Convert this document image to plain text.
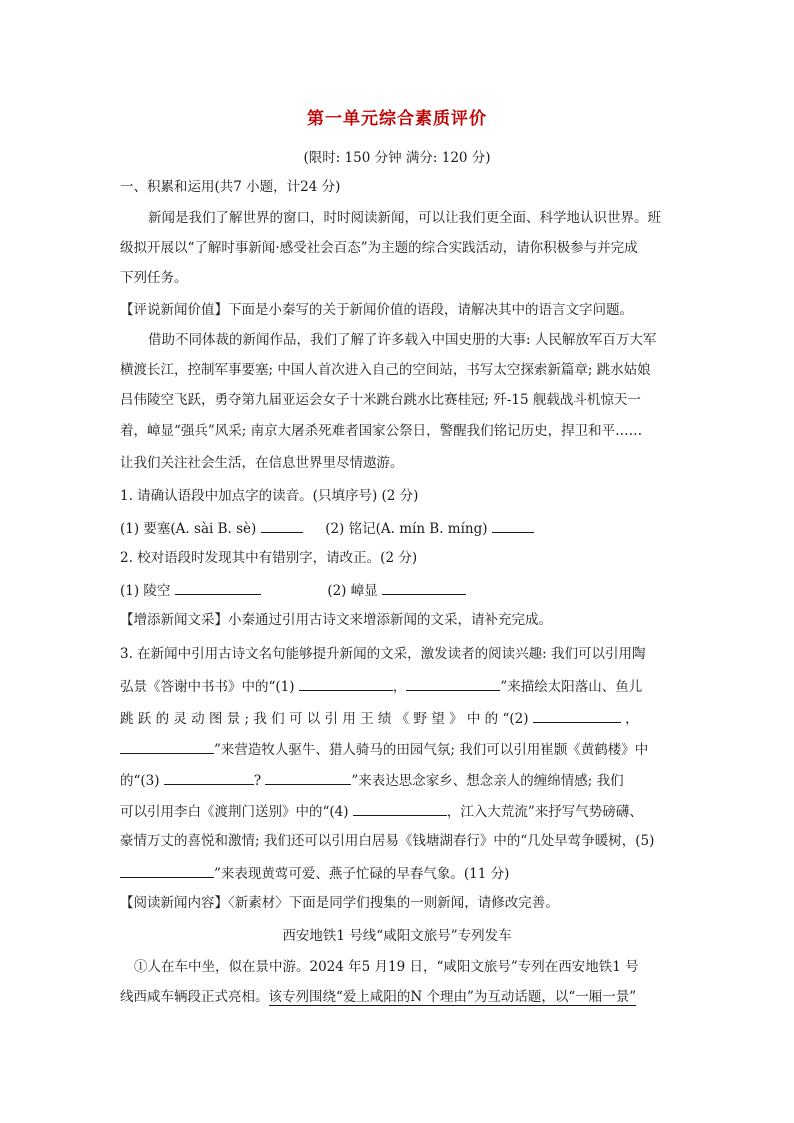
第一单元综合素质评价
(限时: 150 分钟 满分: 120 分)
一、积累和运用(共7 小题，计24 分)
新闻是我们了解世界的窗口，时时阅读新闻，可以让我们更全面、科学地认识世界。班
级拟开展以“了解时事新闻·感受社会百态”为主题的综合实践活动，请你积极参与并完成
下列任务。
【评说新闻价值】下面是小秦写的关于新闻价值的语段，请解决其中的语言文字问题。
借助不同体裁的新闻作品，我们了解了许多载入中国史册的大事: 人民解放军百万大军
横渡长江，控制军事要塞; 中国人首次进入自己的空间站，书写太空探索新篇章; 跳水姑娘
吕伟陵空飞跃，勇夺第九届亚运会女子十米跳台跳水比赛桂冠; 歼-15 舰载战斗机惊天一
着，嶂显“强兵”风采; 南京大屠杀死难者国家公祭日，警醒我们铭记历史，捍卫和平……
让我们关注社会生活，在信息世界里尽情遨游。
1. 请确认语段中加点字的读音。(只填序号) (2 分)
(1) 要塞(A. sài B. sè)	(2) 铭记(A. mín B. míng)
2. 校对语段时发现其中有错别字，请改正。(2 分)
(1) 陵空	(2) 嶂显
【增添新闻文采】小秦通过引用古诗文来增添新闻的文采，请补充完成。
3. 在新闻中引用古诗文名句能够提升新闻的文采，激发读者的阅读兴趣: 我们可以引用陶
弘景《答谢中书书》中的“(1)	，	”来描绘太阳落山、鱼儿
跳 跃 的 灵 动 图 景 ; 我 们 可 以 引 用 王 绩 《 野 望 》 中 的 “(2)	，
”来营造牧人驱牛、猎人骑马的田园气氛; 我们可以引用崔颢《黄鹤楼》中
的“(3)	?	”来表达思念家乡、想念亲人的缠绵情感; 我们
可以引用李白《渡荆门送别》中的“(4)	，江入大荒流”来抒写气势磅礴、
豪情万丈的喜悦和激情; 我们还可以引用白居易《钱塘湖春行》中的“几处早莺争暖树，(5)
”来表现黄莺可爱、燕子忙碌的早春气象。(11 分)
【阅读新闻内容】〈新素材〉下面是同学们搜集的一则新闻，请修改完善。
西安地铁1 号线“咸阳文旅号”专列发车
①人在车中坐，似在景中游。2024 年5 月19 日，“咸阳文旅号”专列在西安地铁1 号
线西咸车辆段正式亮相。该专列围绕“爱上咸阳的N 个理由”为互动话题，以“一厢一景”
